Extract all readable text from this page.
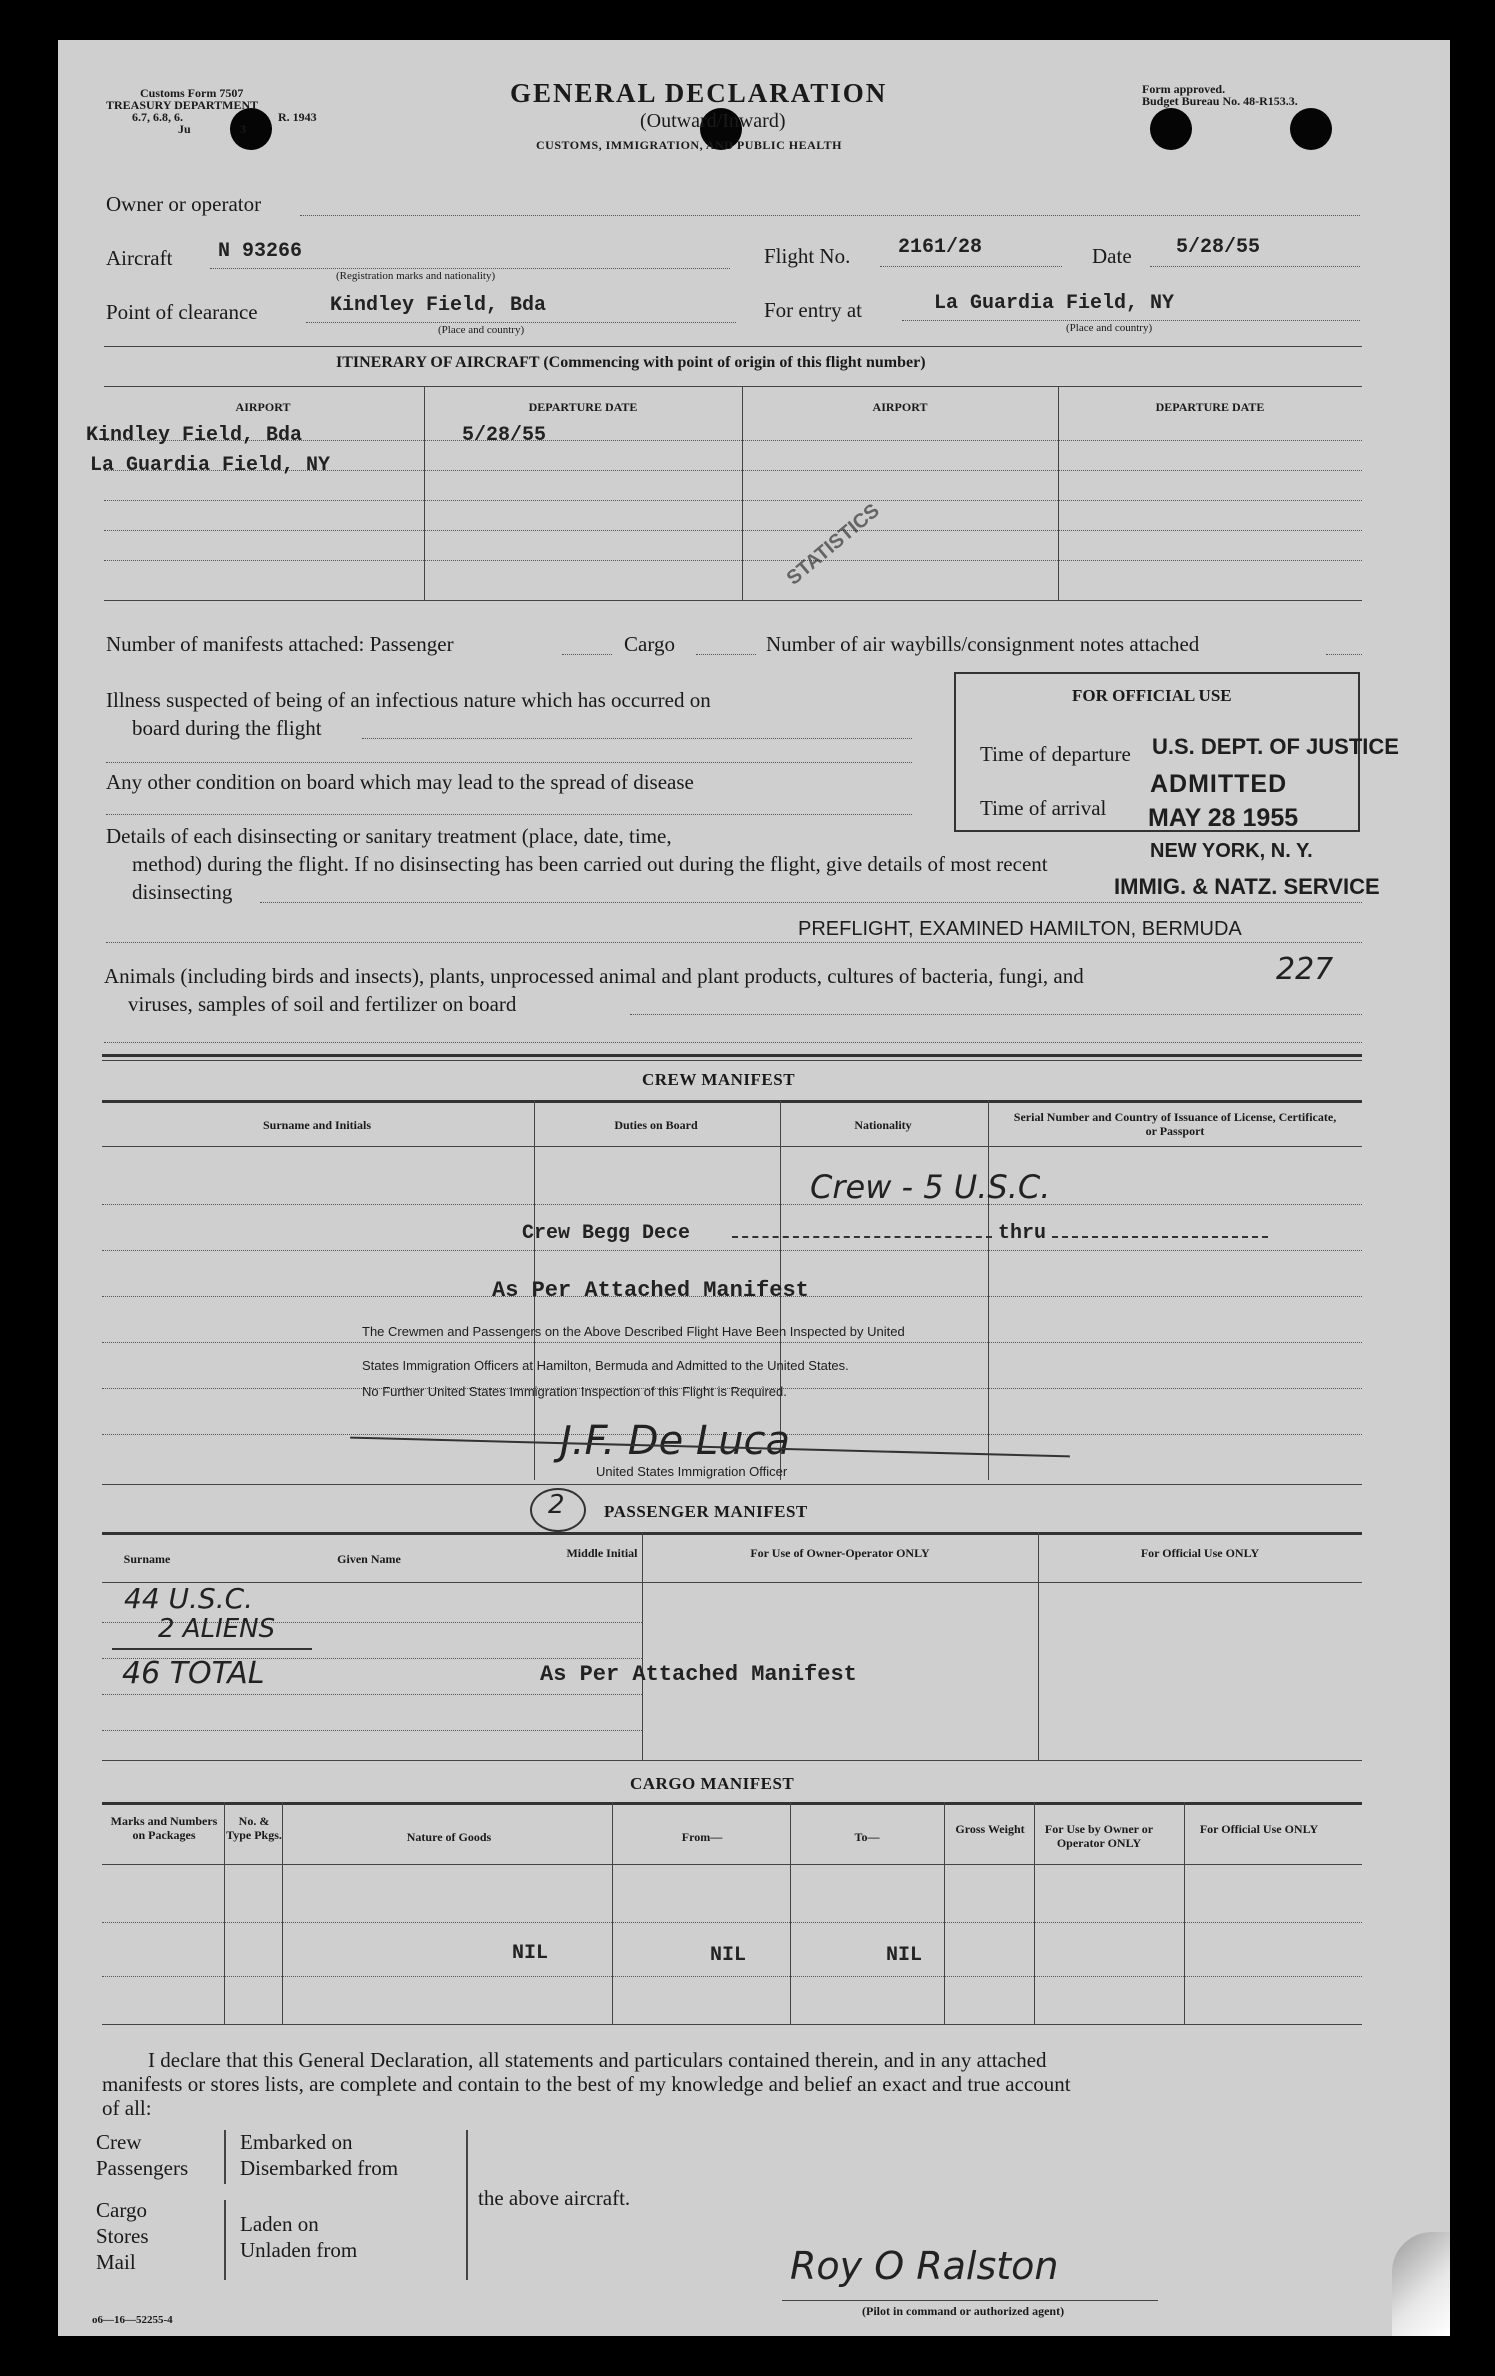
Customs Form 7507
TREASURY DEPARTMENT
6.7, 6.8, 6.	R. 1943
Ju	3
GENERAL DECLARATION
(Outward/Inward)
CUSTOMS, IMMIGRATION, AND PUBLIC HEALTH
Form approved.
Budget Bureau No. 48-R153.3.
Owner or operator
Aircraft N 93266
(Registration marks and nationality)
Flight No. 2161/28	Date 5/28/55
Point of clearance	Kindley Field, Bda
(Place and country)
For entry at	La Guardia Field, NY
(Place and country)
ITINERARY OF AIRCRAFT (Commencing with point of origin of this flight number)
AIRPORT	DEPARTURE DATE	AIRPORT	DEPARTURE DATE
Kindley Field, Bda	5/28/55
La Guardia Field, NY
STATISTICS
Number of manifests attached: Passenger	Cargo	Number of air waybills/consignment notes attached
Illness suspected of being of an infectious nature which has occurred on
board during the flight
Any other condition on board which may lead to the spread of disease
Details of each disinsecting or sanitary treatment (place, date, time,
method) during the flight. If no disinsecting has been carried out during the flight, give details of most recent
disinsecting
PREFLIGHT, EXAMINED HAMILTON, BERMUDA
FOR OFFICIAL USE
Time of departure
Time of arrival
U.S. DEPT. OF JUSTICE
ADMITTED
MAY 28 1955
NEW YORK, N. Y.
IMMIG. & NATZ. SERVICE
Animals (including birds and insects), plants, unprocessed animal and plant products, cultures of bacteria, fungi, and
viruses, samples of soil and fertilizer on board
227
CREW MANIFEST
Surname and Initials	Duties on Board	Nationality
Serial Number and Country of Issuance of License, Certificate, or Passport
Crew - 5 U.S.C.
Crew Begg Dece	thru
As Per Attached Manifest
The Crewmen and Passengers on the Above Described Flight Have Been Inspected by United
States Immigration Officers at Hamilton, Bermuda and Admitted to the United States.
No Further United States Immigration Inspection of this Flight is Required.
J.F. De Luca
United States Immigration Officer
2 PASSENGER MANIFEST
Surname	Given Name	Middle Initial	For Use of Owner-Operator ONLY	For Official Use ONLY
44 U.S.C.
2 ALIENS
46 TOTAL	As Per Attached Manifest
CARGO MANIFEST
Marks and Numbers on Packages
No. & Type Pkgs.	Nature of Goods	From—	To—
Gross Weight	For Use by Owner or Operator ONLY
For Official Use ONLY
NIL	NIL	NIL
I declare that this General Declaration, all statements and particulars contained therein, and in any attached
manifests or stores lists, are complete and contain to the best of my knowledge and belief an exact and true account
of all:
Crew
Passengers
Embarked on
Disembarked from
the above aircraft.
Cargo
Stores
Mail
Laden on
Unladen from	Roy O Ralston
(Pilot in command or authorized agent)
o6—16—52255-4
